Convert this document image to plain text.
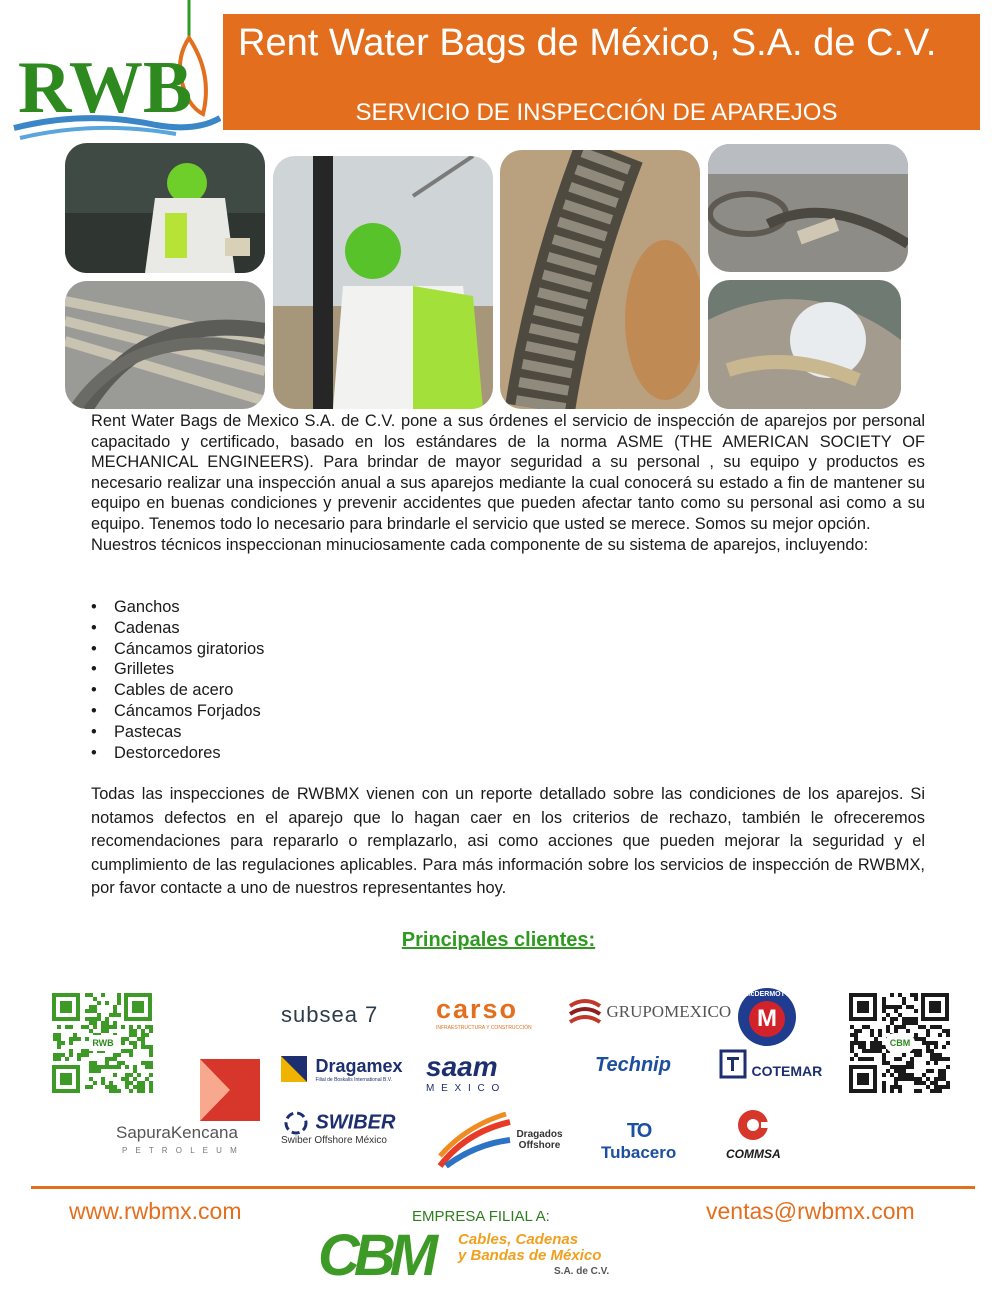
RWB
Rent Water Bags de México, S.A. de C.V.
SERVICIO DE INSPECCIÓN DE APAREJOS

Rent Water Bags de Mexico S.A. de C.V. pone a sus órdenes el servicio de inspección de aparejos por personal capacitado y certificado, basado en los estándares de la norma ASME (THE AMERICAN SOCIETY OF MECHANICAL ENGINEERS). Para brindar de mayor seguridad a su personal , su equipo y productos es necesario realizar una inspección anual a sus aparejos mediante la cual conocerá su estado a fin de mantener su equipo en buenas condiciones y prevenir accidentes que pueden afectar tanto como su personal asi como a su equipo. Tenemos todo lo necesario para brindarle el servicio que usted se merece. Somos su mejor opción.

Nuestros técnicos inspeccionan minuciosamente cada componente de su sistema de aparejos, incluyendo:

• Ganchos
• Cadenas
• Cáncamos giratorios
• Grilletes
• Cables de acero
• Cáncamos Forjados
• Pastecas
• Destorcedores

Todas las inspecciones de RWBMX vienen con un reporte detallado sobre las condiciones de los aparejos. Si notamos defectos en el aparejo que lo hagan caer en los criterios de rechazo, también le ofreceremos recomendaciones para repararlo o remplazarlo, asi como acciones que pueden mejorar la seguridad y el cumplimiento de las regulaciones aplicables. Para más información sobre los servicios de inspección de RWBMX, por favor contacte a uno de nuestros representantes hoy.

Principales clientes:
RWB	CBM
subsea 7 carso
INFRAESTRUCTURA Y CONSTRUCCIÓN
GRUPOMEXICO
McDERMOTT
M

Dragamex
Filial de Boskalis International B.V.	saam
M E X I C O
Technip	COTEMAR
SapuraKencana
P E T R O L E U M
SWIBER
Swiber Offshore México

Dragados
Offshore
TO
Tubacero	COMMSA
www.rwbmx.com	ventas@rwbmx.com
EMPRESA FILIAL A:
CBM Cables, Cadenas
y Bandas de México
S.A. de C.V.
